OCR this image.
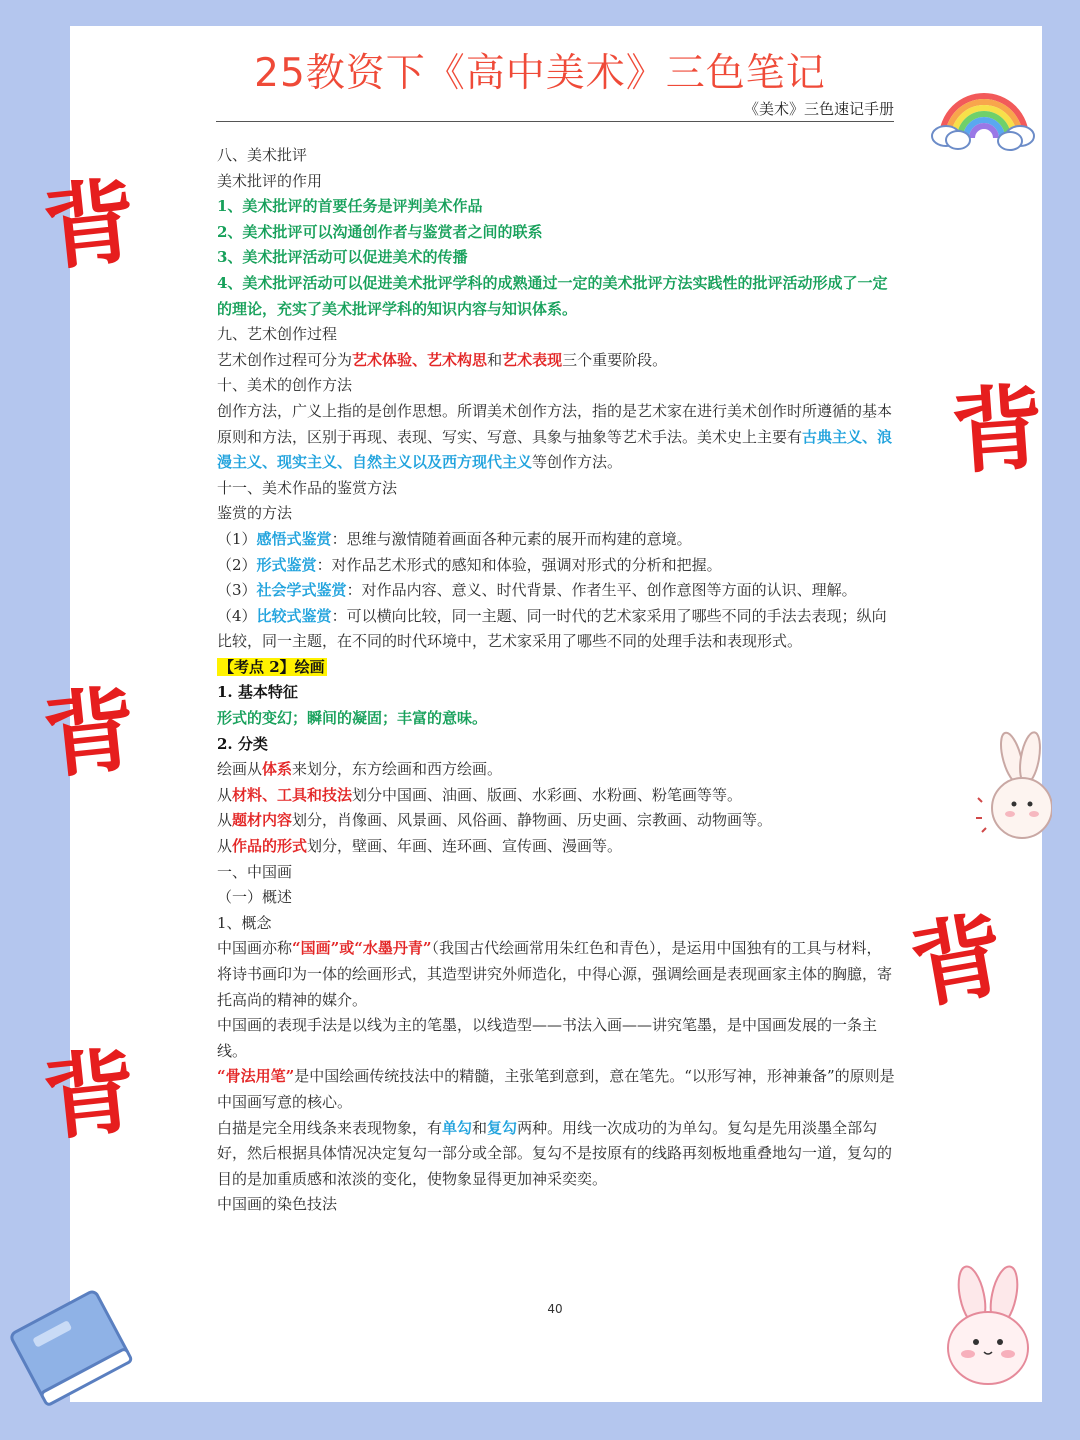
25教资下《高中美术》三色笔记
《美术》三色速记手册
背
背
背
背
背

八、美术批评

美术批评的作用

1、美术批评的首要任务是评判美术作品

2、美术批评可以沟通创作者与鉴赏者之间的联系

3、美术批评活动可以促进美术的传播

4、美术批评活动可以促进美术批评学科的成熟通过一定的美术批评方法实践性的批评活动形成了一定的理论，充实了美术批评学科的知识内容与知识体系。

九、艺术创作过程

艺术创作过程可分为艺术体验、艺术构思和艺术表现三个重要阶段。

十、美术的创作方法

创作方法，广义上指的是创作思想。所谓美术创作方法，指的是艺术家在进行美术创作时所遵循的基本原则和方法，区别于再现、表现、写实、写意、具象与抽象等艺术手法。美术史上主要有古典主义、浪漫主义、现实主义、自然主义以及西方现代主义等创作方法。

十一、美术作品的鉴赏方法

鉴赏的方法

（1）感悟式鉴赏：思维与激情随着画面各种元素的展开而构建的意境。

（2）形式鉴赏：对作品艺术形式的感知和体验，强调对形式的分析和把握。

（3）社会学式鉴赏：对作品内容、意义、时代背景、作者生平、创作意图等方面的认识、理解。

（4）比较式鉴赏：可以横向比较，同一主题、同一时代的艺术家采用了哪些不同的手法去表现；纵向比较，同一主题，在不同的时代环境中，艺术家采用了哪些不同的处理手法和表现形式。

【考点 2】绘画

1. 基本特征

形式的变幻；瞬间的凝固；丰富的意味。

2. 分类

绘画从体系来划分，东方绘画和西方绘画。

从材料、工具和技法划分中国画、油画、版画、水彩画、水粉画、粉笔画等等。

从题材内容划分，肖像画、风景画、风俗画、静物画、历史画、宗教画、动物画等。

从作品的形式划分，壁画、年画、连环画、宣传画、漫画等。

一、中国画

（一）概述

1、概念

中国画亦称“国画”或“水墨丹青”（我国古代绘画常用朱红色和青色），是运用中国独有的工具与材料，将诗书画印为一体的绘画形式，其造型讲究外师造化，中得心源，强调绘画是表现画家主体的胸臆，寄托高尚的精神的媒介。

中国画的表现手法是以线为主的笔墨，以线造型——书法入画——讲究笔墨，是中国画发展的一条主线。

“骨法用笔”是中国绘画传统技法中的精髓，主张笔到意到，意在笔先。“以形写神，形神兼备”的原则是中国画写意的核心。

白描是完全用线条来表现物象，有单勾和复勾两种。用线一次成功的为单勾。复勾是先用淡墨全部勾好，然后根据具体情况决定复勾一部分或全部。复勾不是按原有的线路再刻板地重叠地勾一道，复勾的目的是加重质感和浓淡的变化，使物象显得更加神采奕奕。

中国画的染色技法

40
